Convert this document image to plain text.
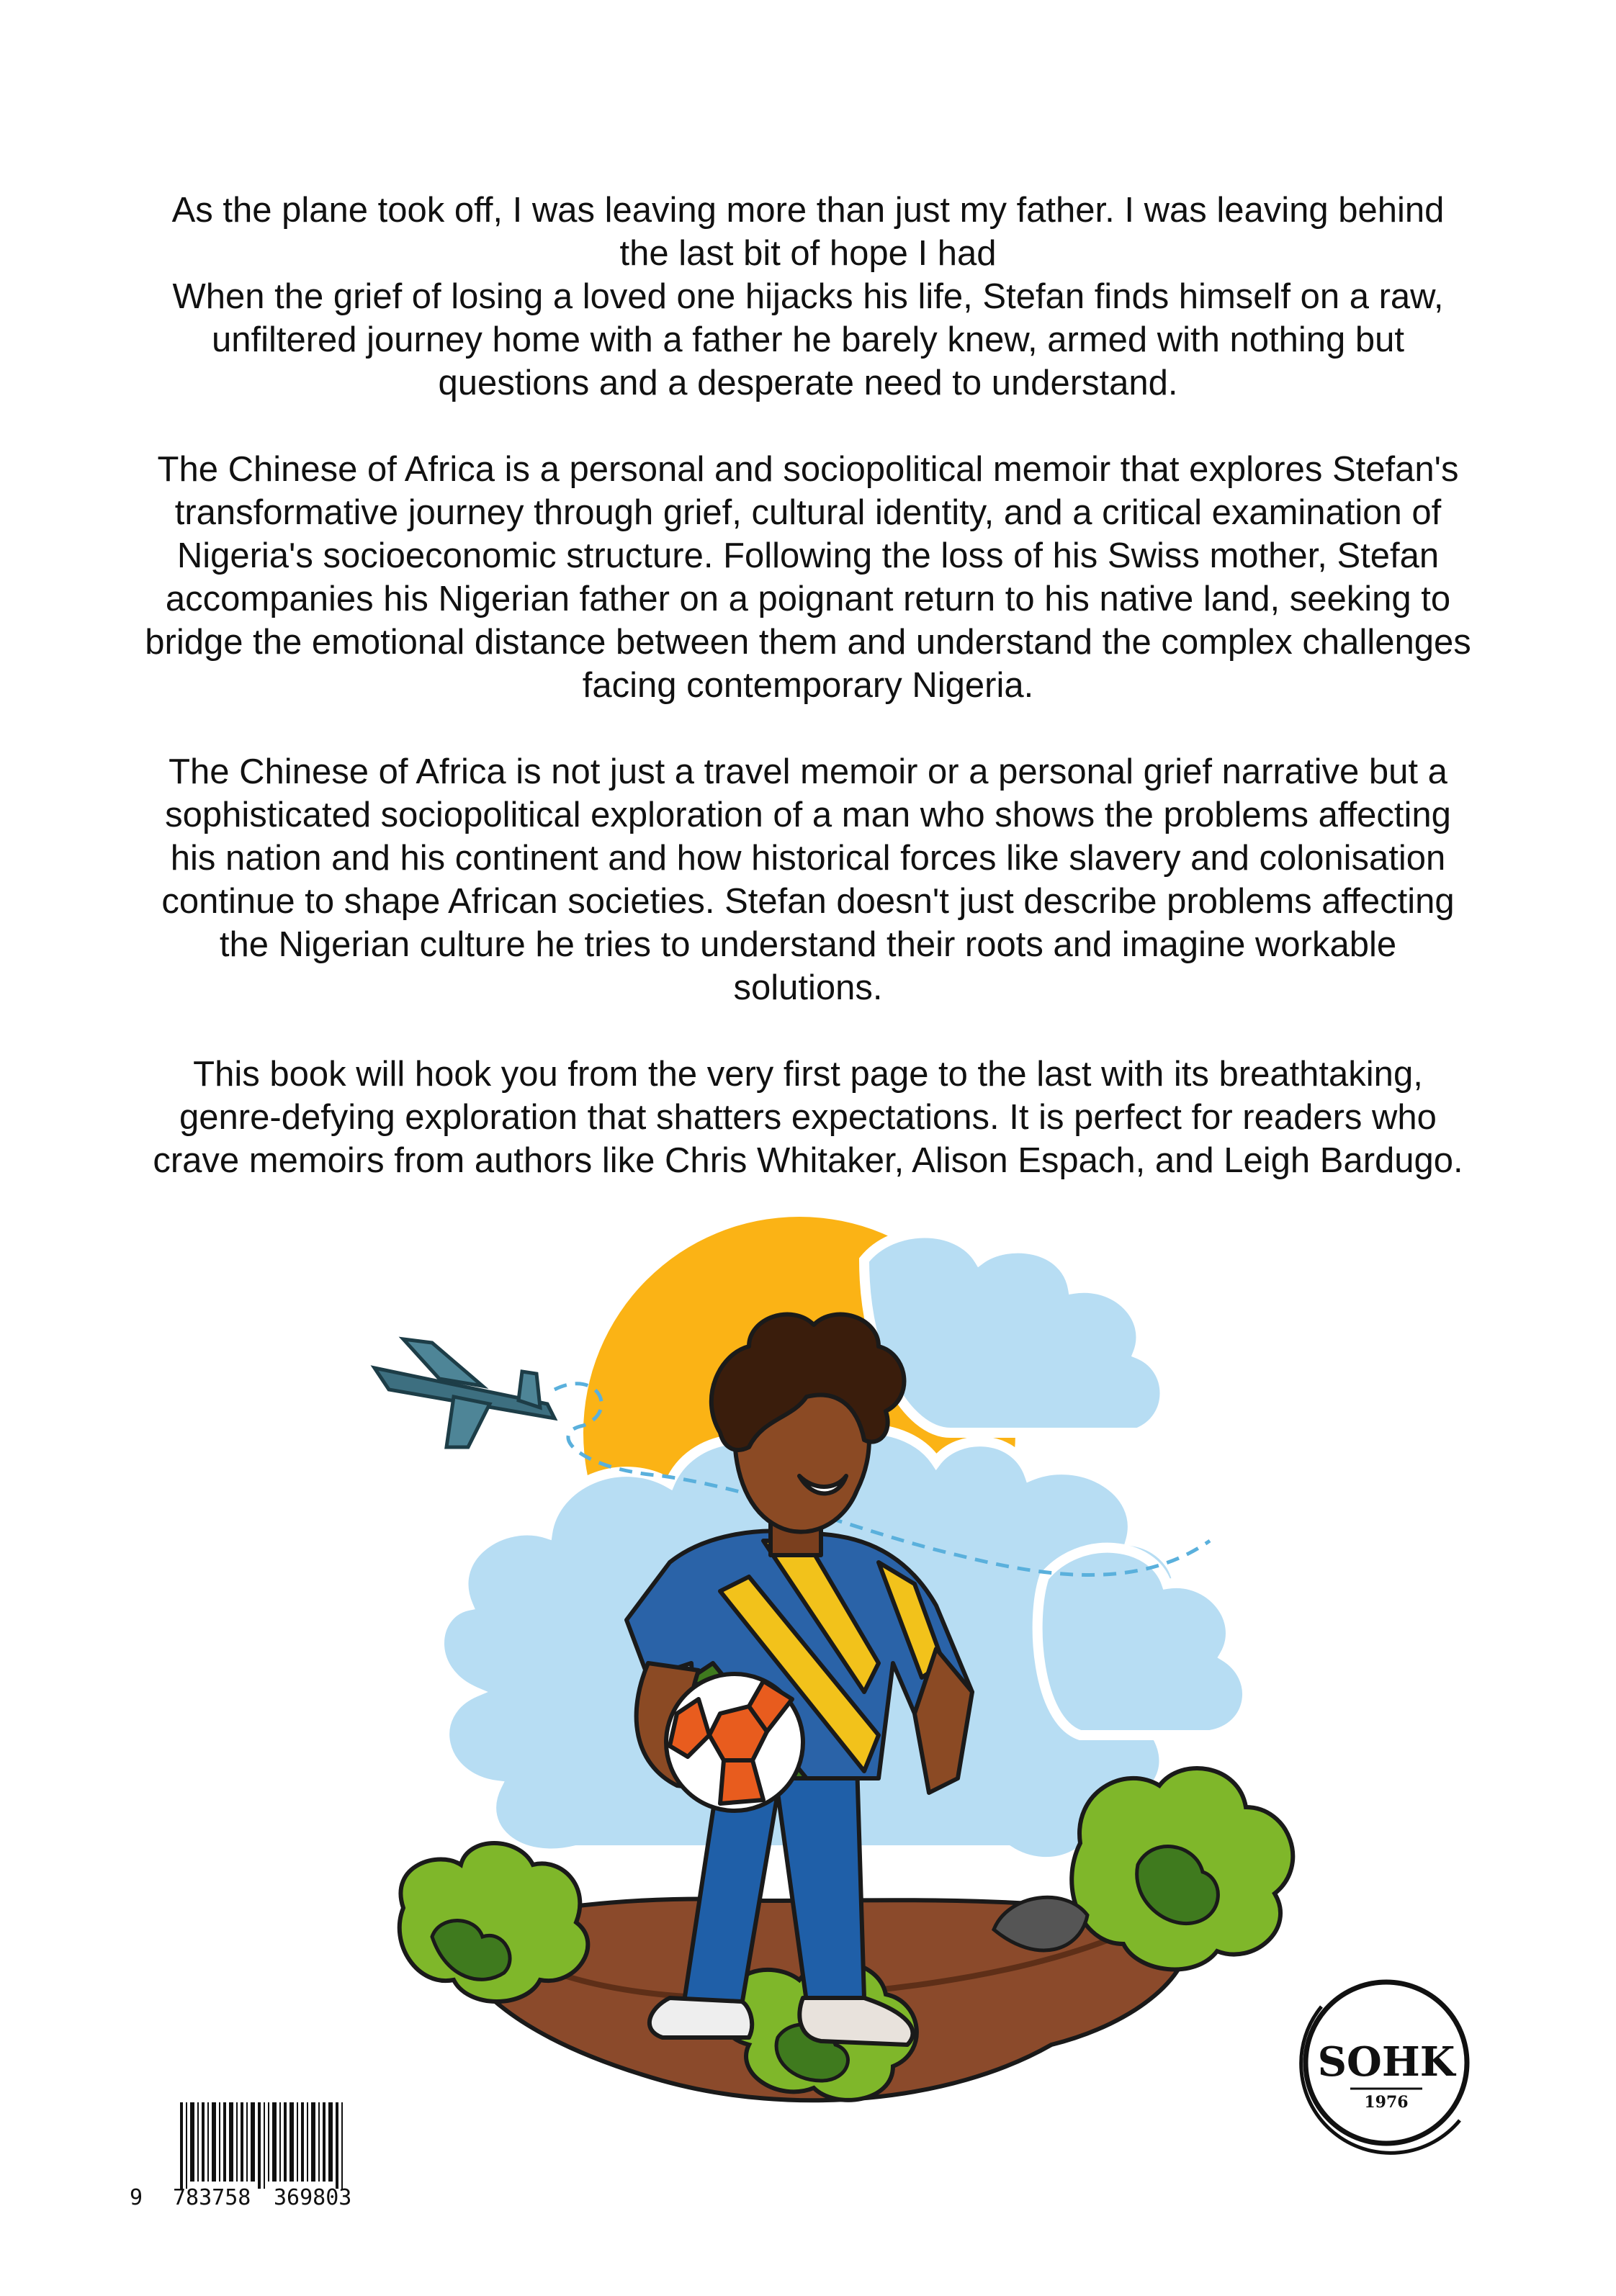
As the plane took off, I was leaving more than just my father. I was leaving behind the last bit of hope I had

When the grief of losing a loved one hijacks his life, Stefan finds himself on a raw, unfiltered journey home with a father he barely knew, armed with nothing but questions and a desperate need to understand.

The Chinese of Africa is a personal and sociopolitical memoir that explores Stefan's transformative journey through grief, cultural identity, and a critical examination of Nigeria's socioeconomic structure. Following the loss of his Swiss mother, Stefan accompanies his Nigerian father on a poignant return to his native land, seeking to bridge the emotional distance between them and understand the complex challenges facing contemporary Nigeria.

The Chinese of Africa is not just a travel memoir or a personal grief narrative but a sophisticated sociopolitical exploration of a man who shows the problems affecting his nation and his continent and how historical forces like slavery and colonisation continue to shape African societies. Stefan doesn't just describe problems affecting the Nigerian culture he tries to understand their roots and imagine workable solutions.

This book will hook you from the very first page to the last with its breathtaking, genre-defying exploration that shatters expectations. It is perfect for readers who crave memoirs from authors like Chris Whitaker, Alison Espach, and Leigh Bardugo.

9 783758 369803
SOHK
1976
